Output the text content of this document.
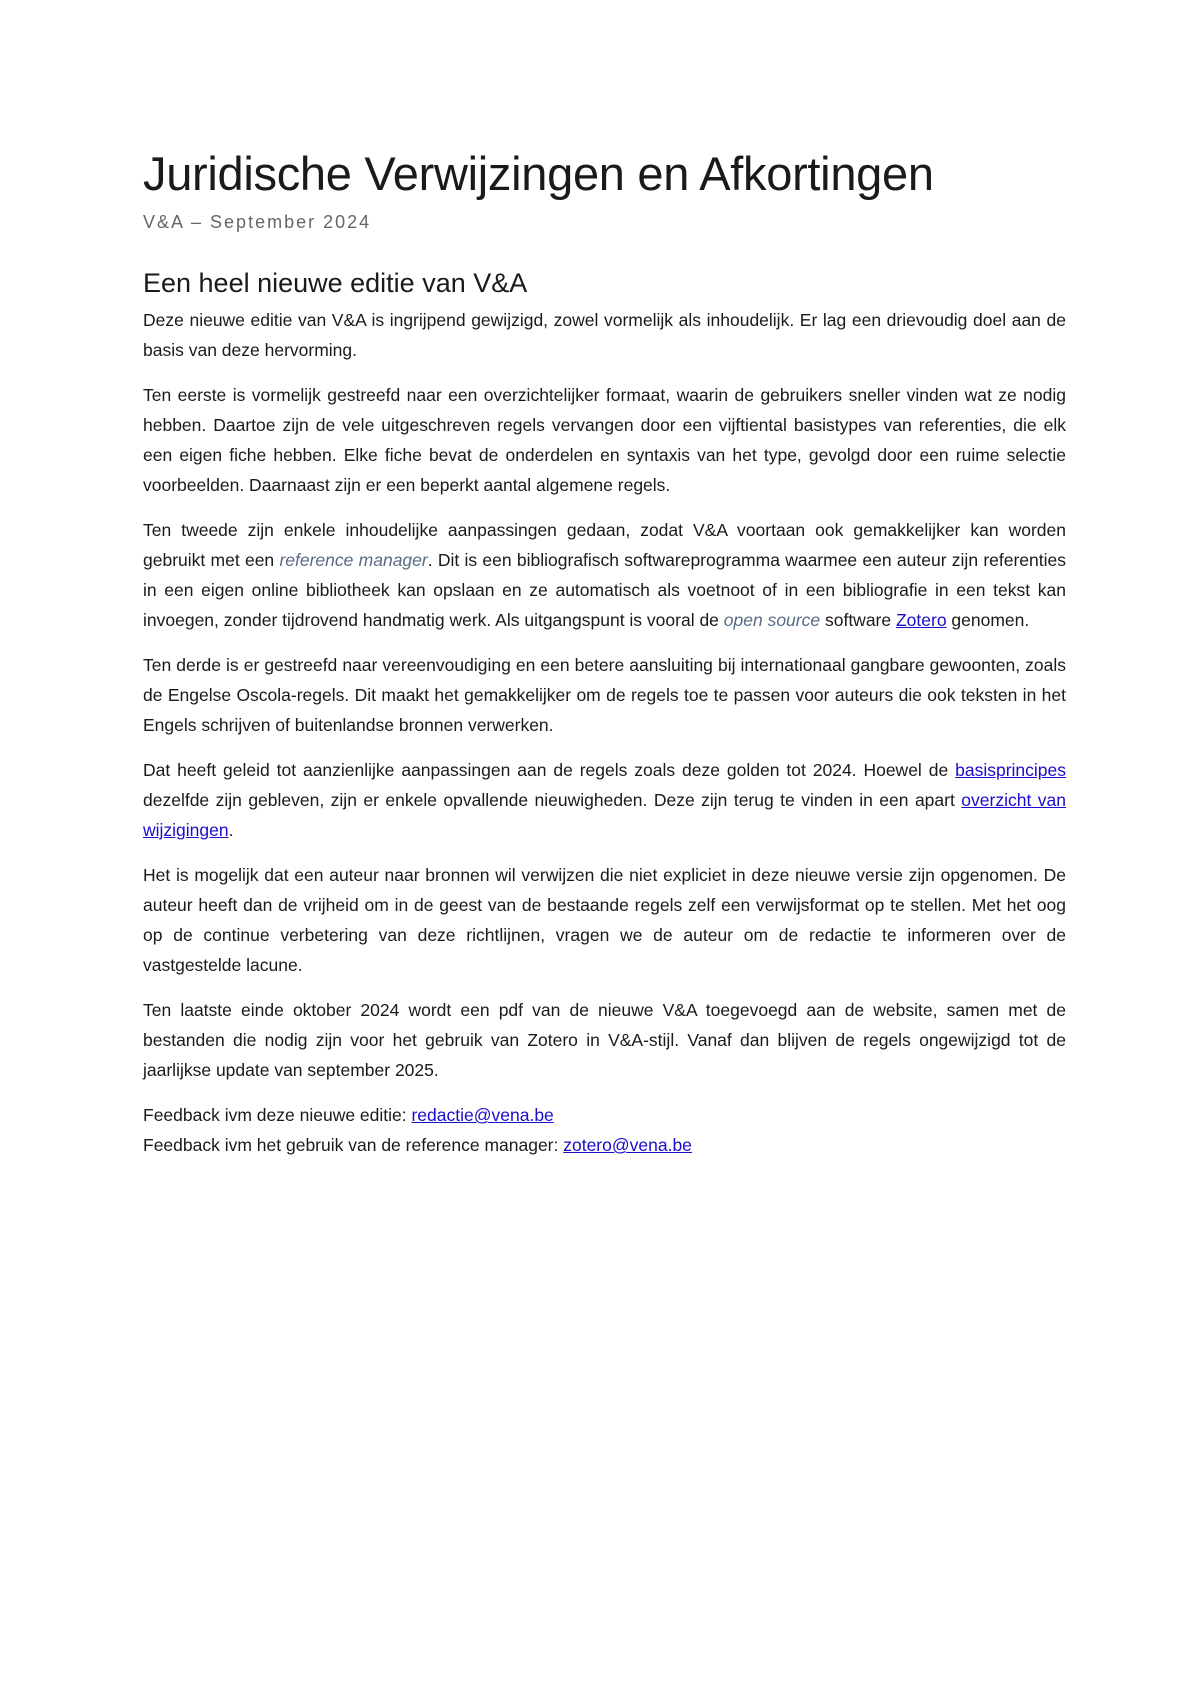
Juridische Verwijzingen en Afkortingen
V&A – September 2024
Een heel nieuwe editie van V&A

Deze nieuwe editie van V&A is ingrijpend gewijzigd, zowel vormelijk als inhoudelijk. Er lag een drievoudig doel aan de basis van deze hervorming.

Ten eerste is vormelijk gestreefd naar een overzichtelijker formaat, waarin de gebruikers sneller vinden wat ze nodig hebben. Daartoe zijn de vele uitgeschreven regels vervangen door een vijftiental basistypes van referenties, die elk een eigen fiche hebben. Elke fiche bevat de onderdelen en syntaxis van het type, gevolgd door een ruime selectie voorbeelden. Daarnaast zijn er een beperkt aantal algemene regels.

Ten tweede zijn enkele inhoudelijke aanpassingen gedaan, zodat V&A voortaan ook gemakkelijker kan worden gebruikt met een reference manager. Dit is een bibliografisch softwareprogramma waarmee een auteur zijn referenties in een eigen online bibliotheek kan opslaan en ze automatisch als voetnoot of in een bibliografie in een tekst kan invoegen, zonder tijdrovend handmatig werk. Als uitgangspunt is vooral de open source software Zotero genomen.

Ten derde is er gestreefd naar vereenvoudiging en een betere aansluiting bij internationaal gangbare gewoonten, zoals de Engelse Oscola-regels. Dit maakt het gemakkelijker om de regels toe te passen voor auteurs die ook teksten in het Engels schrijven of buitenlandse bronnen verwerken.

Dat heeft geleid tot aanzienlijke aanpassingen aan de regels zoals deze golden tot 2024. Hoewel de basisprincipes dezelfde zijn gebleven, zijn er enkele opvallende nieuwigheden. Deze zijn terug te vinden in een apart overzicht van wijzigingen.

Het is mogelijk dat een auteur naar bronnen wil verwijzen die niet expliciet in deze nieuwe versie zijn opgenomen. De auteur heeft dan de vrijheid om in de geest van de bestaande regels zelf een verwijsformat op te stellen. Met het oog op de continue verbetering van deze richtlijnen, vragen we de auteur om de redactie te informeren over de vastgestelde lacune.

Ten laatste einde oktober 2024 wordt een pdf van de nieuwe V&A toegevoegd aan de website, samen met de bestanden die nodig zijn voor het gebruik van Zotero in V&A-stijl. Vanaf dan blijven de regels ongewijzigd tot de jaarlijkse update van september 2025.

Feedback ivm deze nieuwe editie: redactie@vena.be

Feedback ivm het gebruik van de reference manager: zotero@vena.be
